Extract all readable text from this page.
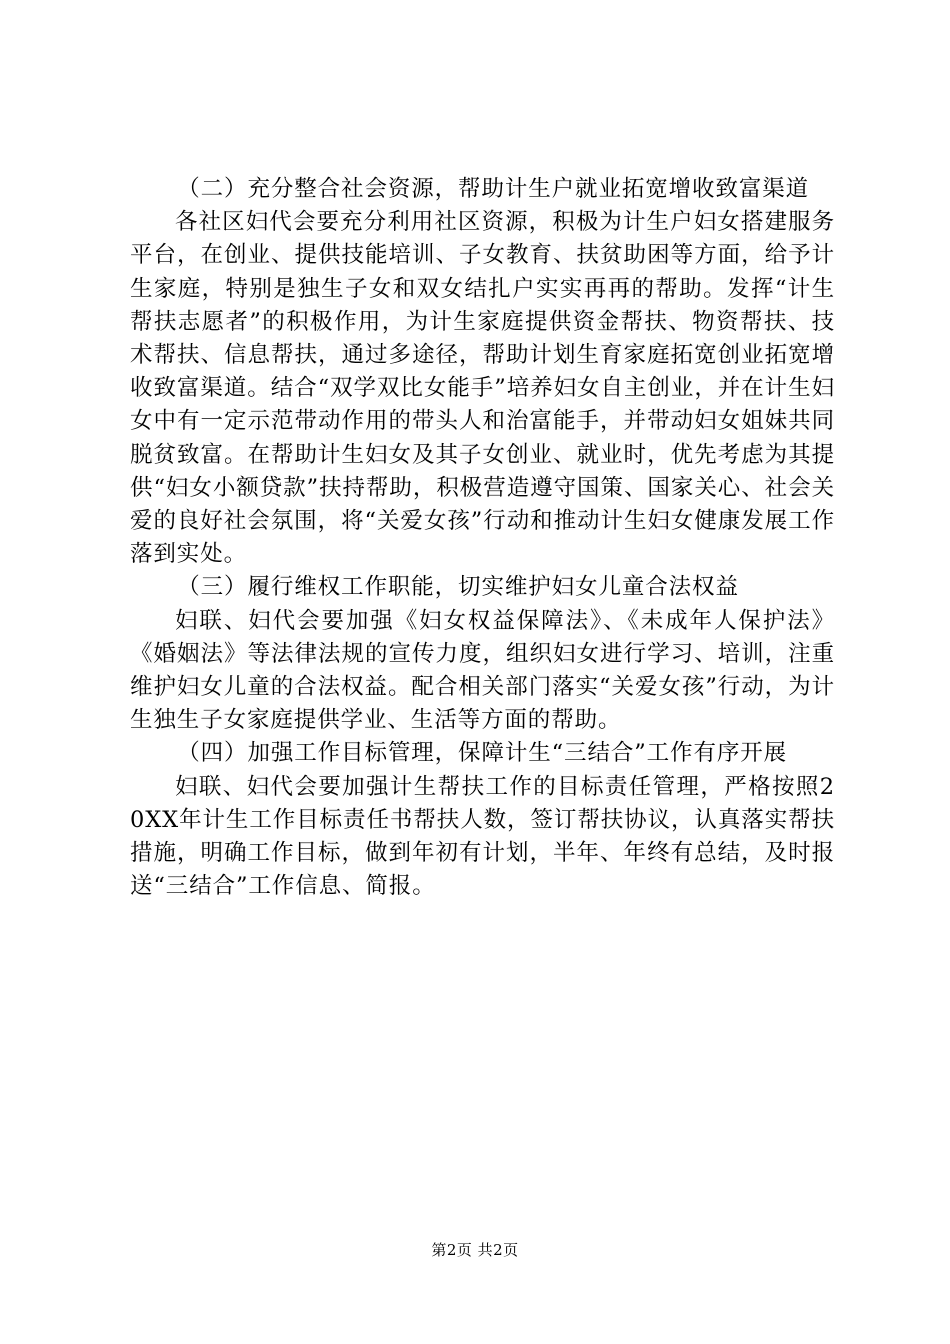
（二）充分整合社会资源，帮助计生户就业拓宽增收致富渠道

各社区妇代会要充分利用社区资源，积极为计生户妇女搭建服务平台，在创业、提供技能培训、子女教育、扶贫助困等方面，给予计生家庭，特别是独生子女和双女结扎户实实再再的帮助。发挥“计生帮扶志愿者”的积极作用，为计生家庭提供资金帮扶、物资帮扶、技术帮扶、信息帮扶，通过多途径，帮助计划生育家庭拓宽创业拓宽增收致富渠道。结合“双学双比女能手”培养妇女自主创业，并在计生妇女中有一定示范带动作用的带头人和治富能手，并带动妇女姐妹共同脱贫致富。在帮助计生妇女及其子女创业、就业时，优先考虑为其提供“妇女小额贷款”扶持帮助，积极营造遵守国策、国家关心、社会关爱的良好社会氛围，将“关爱女孩”行动和推动计生妇女健康发展工作落到实处。

（三）履行维权工作职能，切实维护妇女儿童合法权益

妇联、妇代会要加强《妇女权益保障法》、《未成年人保护法》《婚姻法》等法律法规的宣传力度，组织妇女进行学习、培训，注重维护妇女儿童的合法权益。配合相关部门落实“关爱女孩”行动，为计生独生子女家庭提供学业、生活等方面的帮助。

（四）加强工作目标管理，保障计生“三结合”工作有序开展

妇联、妇代会要加强计生帮扶工作的目标责任管理，严格按照20XX年计生工作目标责任书帮扶人数，签订帮扶协议，认真落实帮扶措施，明确工作目标，做到年初有计划，半年、年终有总结，及时报送“三结合”工作信息、简报。

第2页 共2页
